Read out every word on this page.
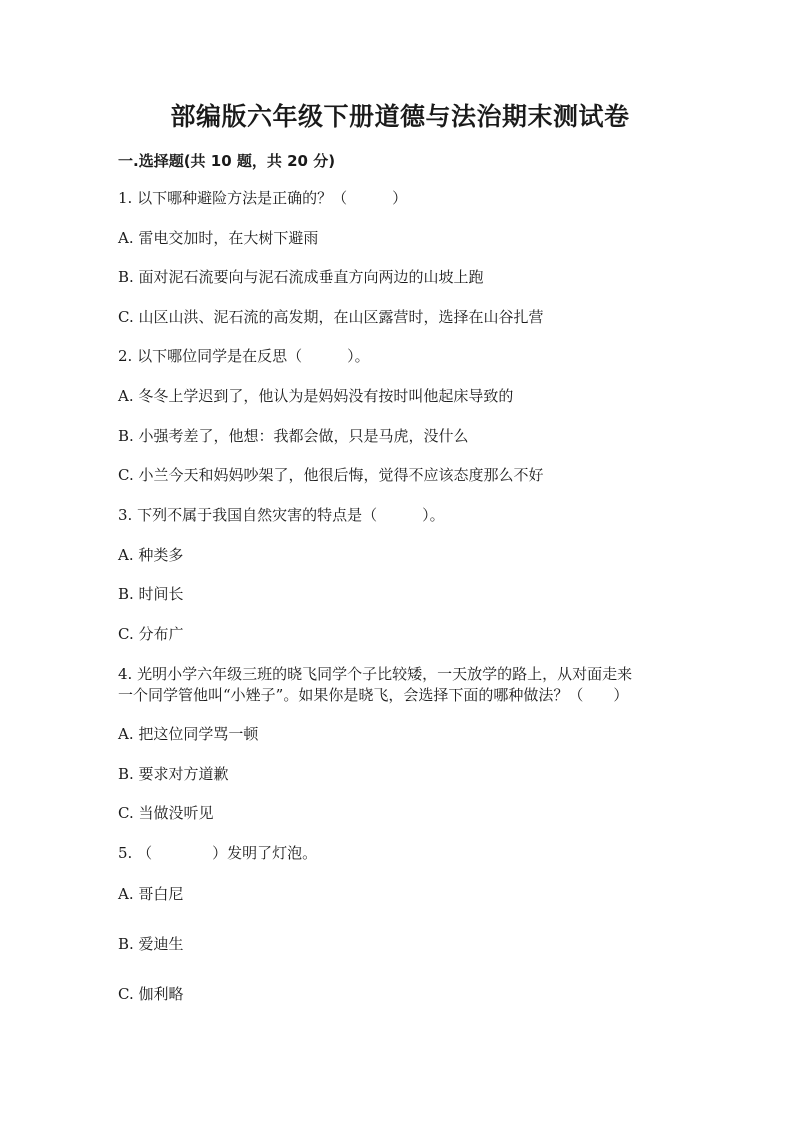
部编版六年级下册道德与法治期末测试卷
一.选择题(共 10 题，共 20 分)
1. 以下哪种避险方法是正确的？（　　　）
A. 雷电交加时，在大树下避雨
B. 面对泥石流要向与泥石流成垂直方向两边的山坡上跑
C. 山区山洪、泥石流的高发期，在山区露营时，选择在山谷扎营
2. 以下哪位同学是在反思（　　　）。
A. 冬冬上学迟到了，他认为是妈妈没有按时叫他起床导致的
B. 小强考差了，他想：我都会做，只是马虎，没什么
C. 小兰今天和妈妈吵架了，他很后悔，觉得不应该态度那么不好
3. 下列不属于我国自然灾害的特点是（　　　）。
A. 种类多
B. 时间长
C. 分布广
4. 光明小学六年级三班的晓飞同学个子比较矮，一天放学的路上，从对面走来
一个同学管他叫“小矬子”。如果你是晓飞，会选择下面的哪种做法？（　　）
A. 把这位同学骂一顿
B. 要求对方道歉
C. 当做没听见
5. （　　　　）发明了灯泡。
A. 哥白尼
B. 爱迪生
C. 伽利略
